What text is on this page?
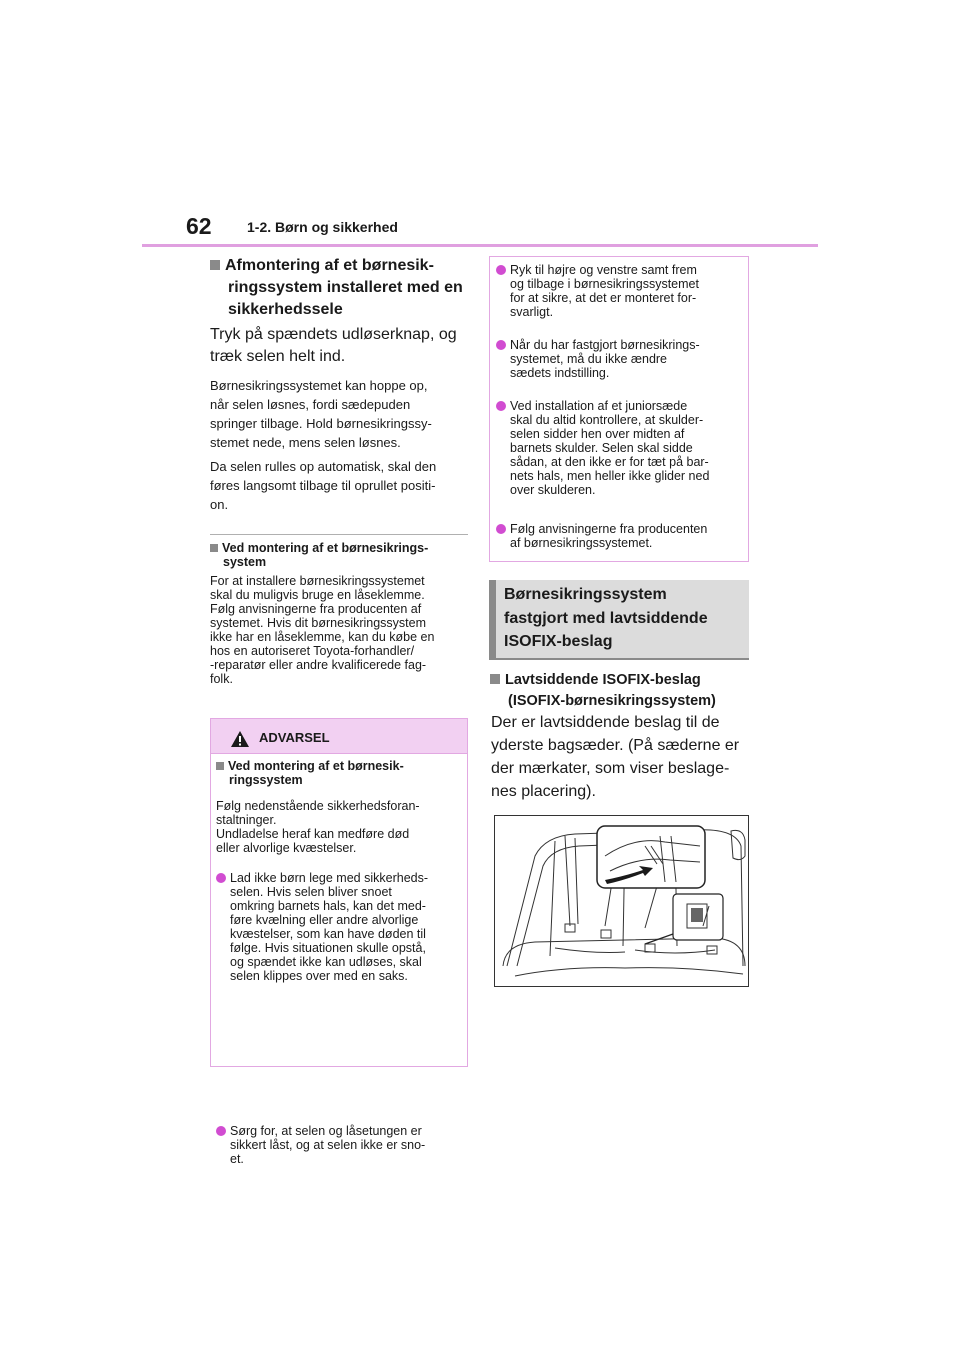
62	1-2. Børn og sikkerhed
Afmontering af et børnesik-
ringssystem installeret med en
sikkerhedssele
Tryk på spændets udløserknap, og
træk selen helt ind.
Børnesikringssystemet kan hoppe op,
når selen løsnes, fordi sædepuden
springer tilbage. Hold børnesikringssy-
stemet nede, mens selen løsnes.
Da selen rulles op automatisk, skal den
føres langsomt tilbage til oprullet positi-
on.
Ved montering af et børnesikrings-
system
For at installere børnesikringssystemet
skal du muligvis bruge en låseklemme.
Følg anvisningerne fra producenten af
systemet. Hvis dit børnesikringssystem
ikke har en låseklemme, kan du købe en
hos en autoriseret Toyota-forhandler/
-reparatør eller andre kvalificerede fag-
folk.
ADVARSEL
Ved montering af et børnesik-
ringssystem
Følg nedenstående sikkerhedsforan-
staltninger.
Undladelse heraf kan medføre død
eller alvorlige kvæstelser.
Lad ikke børn lege med sikkerheds-
selen. Hvis selen bliver snoet
omkring barnets hals, kan det med-
føre kvælning eller andre alvorlige
kvæstelser, som kan have døden til
følge. Hvis situationen skulle opstå,
og spændet ikke kan udløses, skal
selen klippes over med en saks.
Sørg for, at selen og låsetungen er
sikkert låst, og at selen ikke er sno-
et.
Ryk til højre og venstre samt frem
og tilbage i børnesikringssystemet
for at sikre, at det er monteret for-
svarligt.
Når du har fastgjort børnesikrings-
systemet, må du ikke ændre
sædets indstilling.
Ved installation af et juniorsæde
skal du altid kontrollere, at skulder-
selen sidder hen over midten af
barnets skulder. Selen skal sidde
sådan, at den ikke er for tæt på bar-
nets hals, men heller ikke glider ned
over skulderen.
Følg anvisningerne fra producenten
af børnesikringssystemet.
Børnesikringssystem
fastgjort med lavtsiddende
ISOFIX-beslag
Lavtsiddende ISOFIX-beslag
(ISOFIX-børnesikringssystem)
Der er lavtsiddende beslag til de
yderste bagsæder. (På sæderne er
der mærkater, som viser beslage-
nes placering).
